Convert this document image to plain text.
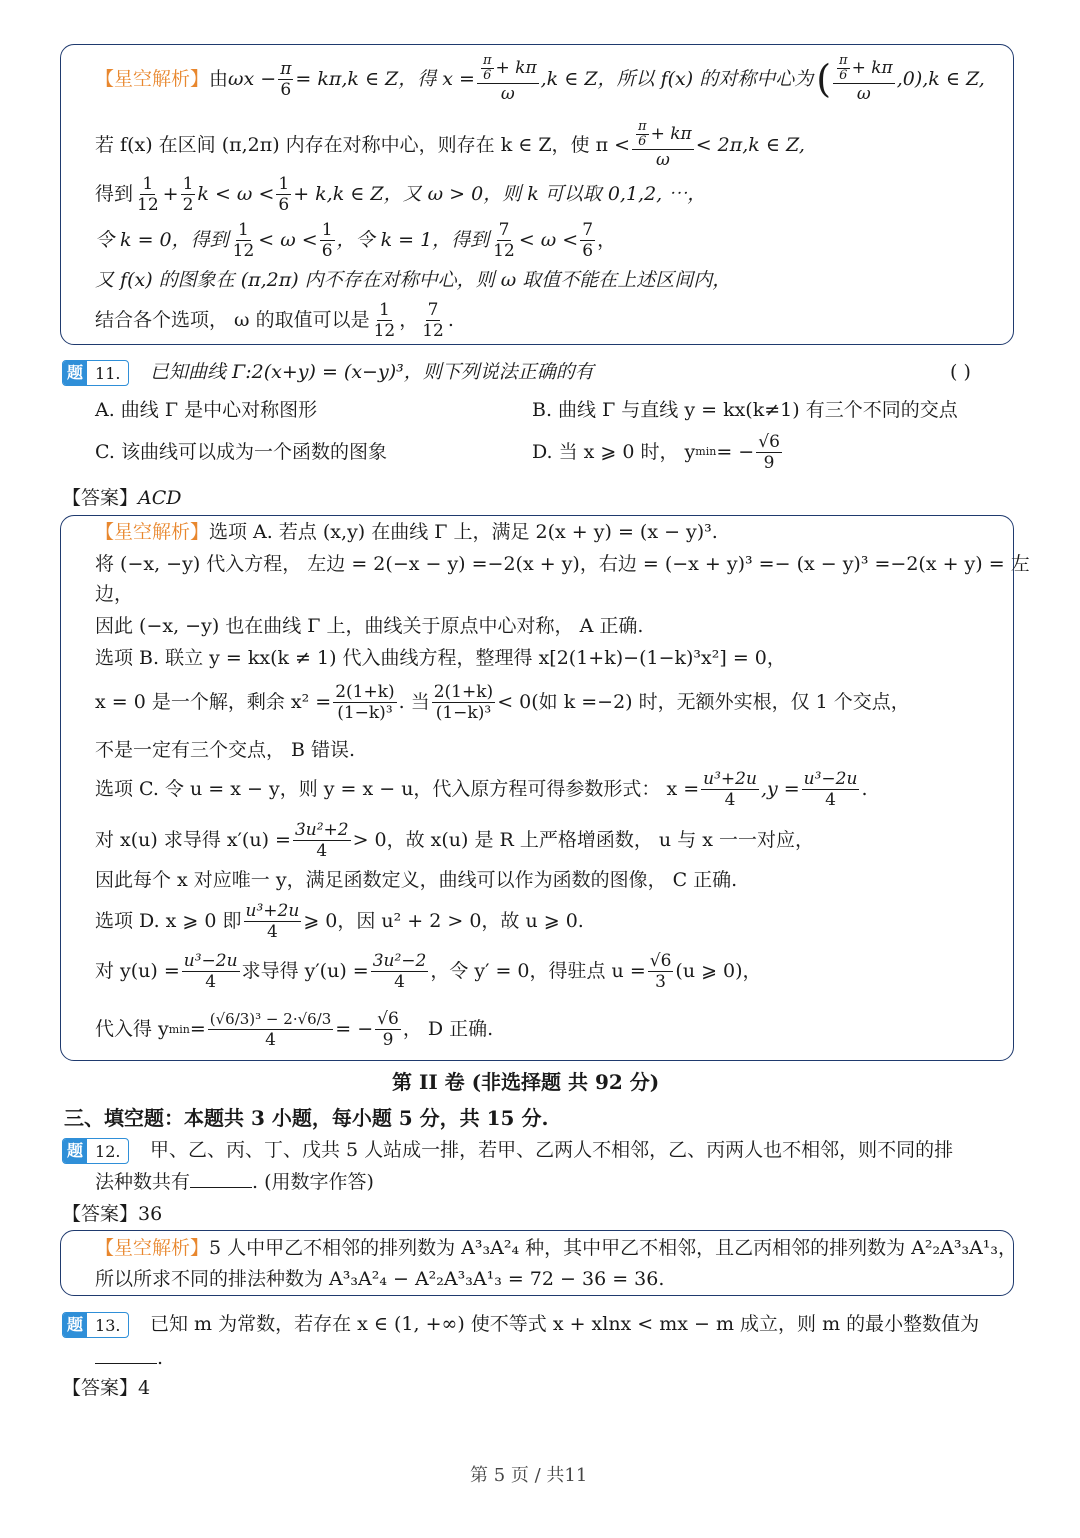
【星空解析】 由 $\omega x - \frac{\pi}{6} = k\pi,k$ ∈ Z，得 $x = \frac{\frac{\pi}{6} + k\pi}{\omega} ,k$ ∈ Z，所以 f(x) 的对称中心为 ( $\frac{\frac{\pi}{6} + k\pi}{\omega} ,0),k$ ∈ Z,
若 f(x) 在区间 (π,2π) 内存在对称中心，则存在 k ∈ Z，使 $\pi < \frac{\frac{\pi}{6} + k\pi}{\omega} < 2\pi,k$ ∈ Z,
得到 $\frac{1}{12} + \frac{1}{2}$ $k < \omega < \frac{1}{6} + k,k$ ∈ Z，又 ω > 0，则 k 可以取 0,1,2, ⋯，
令 k = 0，得到 $\frac{1}{12} < \omega < \frac{1}{6}$ ，令 k = 1，得到 $\frac{7}{12} < \omega < \frac{7}{6}$ ，
又 f(x) 的图象在 (π,2π) 内不存在对称中心，则 ω 取值不能在上述区间内，
结合各个选项， ω 的取值可以是 $\frac{1}{12}$ ， $\frac{7}{12}$ .
题 11.	已知曲线 Γ:2(x+y) = (x−y)³，则下列说法正确的有	( )
A. 曲线 Γ 是中心对称图形	B. 曲线 Γ 与直线 y = kx(k≠1) 有三个不同的交点
C. 该曲线可以成为一个函数的图象	D. 当 x ⩾ 0 时， y min = − $\frac{√6}{9}$
【答案】ACD
【星空解析】选项 A. 若点 (x,y) 在曲线 Γ 上，满足 2(x + y) = (x − y)³.
将 (−x, −y) 代入方程， 左边 = 2(−x − y) =−2(x + y)，右边 = (−x + y)³ =− (x − y)³ =−2(x + y) = 左
边，
因此 (−x, −y) 也在曲线 Γ 上，曲线关于原点中心对称， A 正确.
选项 B. 联立 y = kx(k ≠ 1) 代入曲线方程，整理得 x[2(1+k)−(1−k)³x²] = 0，
x = 0 是一个解，剩余 $x^2 = \frac{2(1+k)}{\text{(1−k)³}}$ . 当 $\frac{2(1+k)}{\text{(1−k)³}} < 0$(如 k =−2) 时，无额外实根，仅 1 个交点，
不是一定有三个交点， B 错误.
选项 C. 令 u = x − y，则 y = x − u，代入原方程可得参数形式： $x = \frac{\text{u³+2u}}{4} ,y = \frac{\text{u³−2u}}{4}$ .
对 x(u) 求导得 $x'(u) = \frac{\text{3u²+2}}{4} > 0$，故 x(u) 是 R 上严格增函数， u 与 x 一一对应，
因此每个 x 对应唯一 y，满足函数定义，曲线可以作为函数的图像， C 正确.
选项 D. x ⩾ 0 即 $\frac{\text{u³+2u}}{4}$ ⩾ 0，因 u² + 2 > 0，故 u ⩾ 0.
对 $y(u) = \frac{\text{u³−2u}}{4}$ 求导得 $y'(u) = \frac{\text{3u²−2}}{4}$ ，令 y′ = 0，得驻点 $u = \frac{√6}{3} (u$ ⩾ 0)，
代入得 y $\min = \frac{\text{(√6/3)³ − 2·√6/3}}{4}$ = − $\frac{√6}{9}$ ， D 正确.
第 II 卷 (非选择题 共 92 分)
三、填空题：本题共 3 小题，每小题 5 分，共 15 分.
题 12.	甲、乙、丙、丁、戊共 5 人站成一排，若甲、乙两人不相邻，乙、丙两人也不相邻，则不同的排
法种数共有	. (用数字作答)
【答案】36
【星空解析】5 人中甲乙不相邻的排列数为 A³₃A²₄ 种，其中甲乙不相邻，且乙丙相邻的排列数为 A²₂A³₃A¹₃，
所以所求不同的排法种数为 A³₃A²₄ − A²₂A³₃A¹₃ = 72 − 36 = 36.
题 13.	已知 m 为常数，若存在 x ∈ (1, +∞) 使不等式 x + xlnx < mx − m 成立，则 m 的最小整数值为
.
【答案】4
第 5 页 / 共11
